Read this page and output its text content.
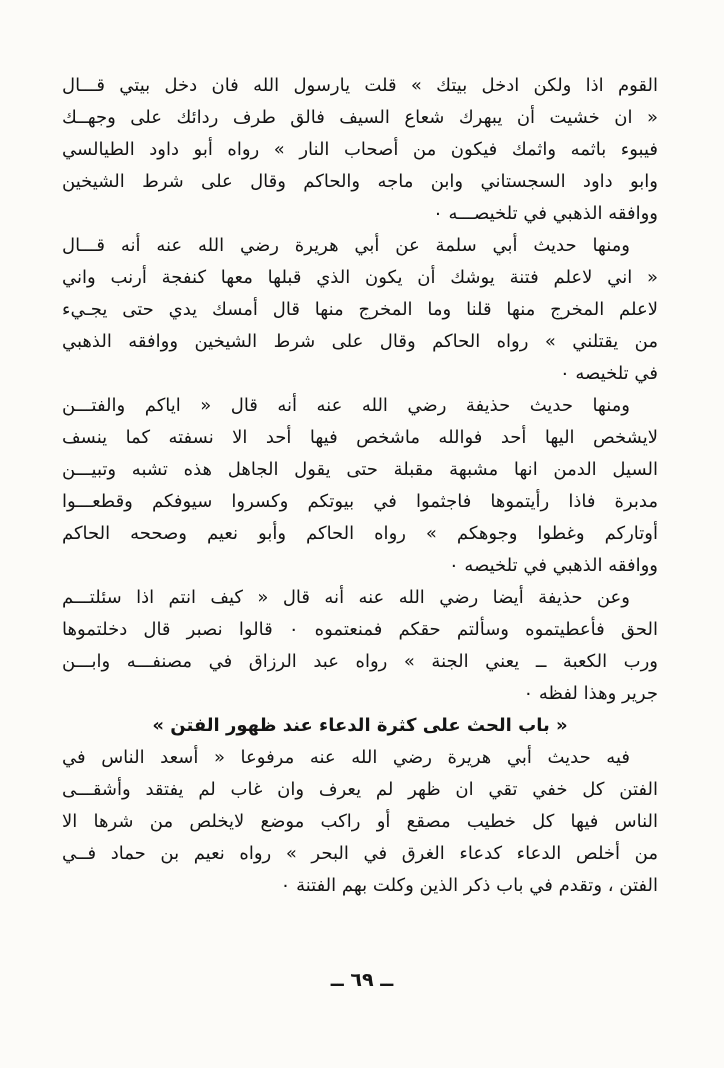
القوم اذا ولكن ادخل بيتك » قلت يارسول الله فان دخل بيتي قـــال
« ان خشيت أن يبهرك شعاع السيف فالق طرف ردائك على وجهــك
فيبوء باثمه واثمك فيكون من أصحاب النار » رواه أبو داود الطيالسي
وابو داود السجستاني وابن ماجه والحاكم وقال على شرط الشيخين
ووافقه الذهبي في تلخيصـــه ٠
ومنها حديث أبي سلمة عن أبي هريرة رضي الله عنه أنه قـــال
« اني لاعلم فتنة يوشك أن يكون الذي قبلها معها كنفجة أرنب واني
لاعلم المخرج منها قلنا وما المخرج منها قال أمسك يدي حتى يجـيء
من يقتلني » رواه الحاكم وقال على شرط الشيخين ووافقه الذهبي
في تلخيصه ٠
ومنها حديث حذيفة رضي الله عنه أنه قال « اياكم والفتـــن
لايشخص اليها أحد فوالله ماشخص فيها أحد الا نسفته كما ينسف
السيل الدمن انها مشبهة مقبلة حتى يقول الجاهل هذه تشبه وتبيـــن
مدبرة فاذا رأيتموها فاجثموا في بيوتكم وكسروا سيوفكم وقطعـــوا
أوتاركم وغطوا وجوهكم » رواه الحاكم وأبو نعيم وصححه الحاكم
ووافقه الذهبي في تلخيصه ٠
وعن حذيفة أيضا رضي الله عنه أنه قال « كيف انتم اذا سئلتـــم
الحق فأعطيتموه وسألتم حقكم فمنعتموه ٠ قالوا نصبر قال دخلتموها
ورب الكعبة ــ يعني الجنة » رواه عبد الرزاق في مصنفـــه وابـــن
جرير وهذا لفظه ٠
« باب الحث على كثرة الدعاء عند ظهور الفتن »
فيه حديث أبي هريرة رضي الله عنه مرفوعا « أسعد الناس في
الفتن كل خفي تقي ان ظهر لم يعرف وان غاب لم يفتقد وأشقـــى
الناس فيها كل خطيب مصقع أو راكب موضع لايخلص من شرها الا
من أخلص الدعاء كدعاء الغرق في البحر » رواه نعيم بن حماد فــي
الفتن ، وتقدم في باب ذكر الذين وكلت بهم الفتنة ٠
ــ ٦٩ ــ
